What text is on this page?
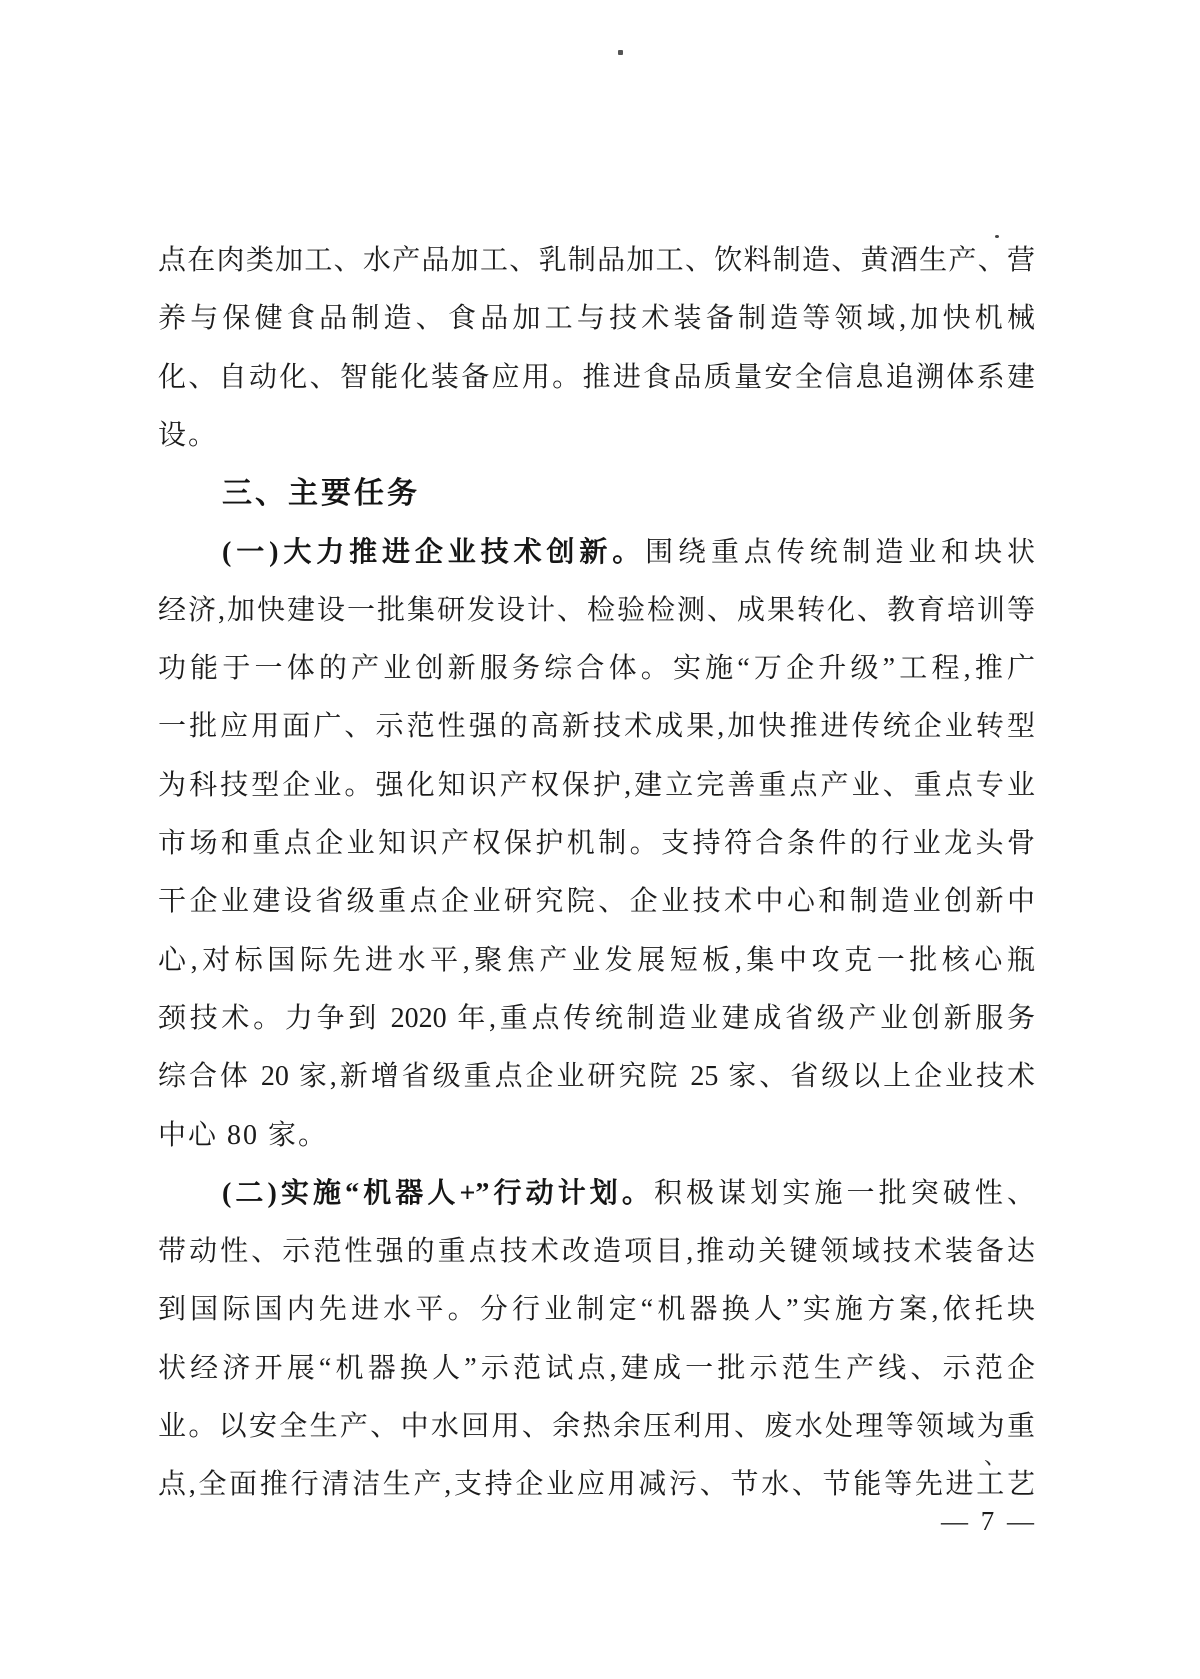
点在肉类加工、水产品加工、乳制品加工、饮料制造、黄酒生产、营
养与保健食品制造、食品加工与技术装备制造等领域,加快机械
化、自动化、智能化装备应用。推进食品质量安全信息追溯体系建
设。
三、主要任务
(一)大力推进企业技术创新。围绕重点传统制造业和块状
经济,加快建设一批集研发设计、检验检测、成果转化、教育培训等
功能于一体的产业创新服务综合体。实施“万企升级”工程,推广
一批应用面广、示范性强的高新技术成果,加快推进传统企业转型
为科技型企业。强化知识产权保护,建立完善重点产业、重点专业
市场和重点企业知识产权保护机制。支持符合条件的行业龙头骨
干企业建设省级重点企业研究院、企业技术中心和制造业创新中
心,对标国际先进水平,聚焦产业发展短板,集中攻克一批核心瓶
颈技术。力争到 2020 年,重点传统制造业建成省级产业创新服务
综合体 20 家,新增省级重点企业研究院 25 家、省级以上企业技术
中心 80 家。
(二)实施“机器人+”行动计划。积极谋划实施一批突破性、
带动性、示范性强的重点技术改造项目,推动关键领域技术装备达
到国际国内先进水平。分行业制定“机器换人”实施方案,依托块
状经济开展“机器换人”示范试点,建成一批示范生产线、示范企
业。以安全生产、中水回用、余热余压利用、废水处理等领域为重
点,全面推行清洁生产,支持企业应用减污、节水、节能等先进工艺
、
— 7 —
